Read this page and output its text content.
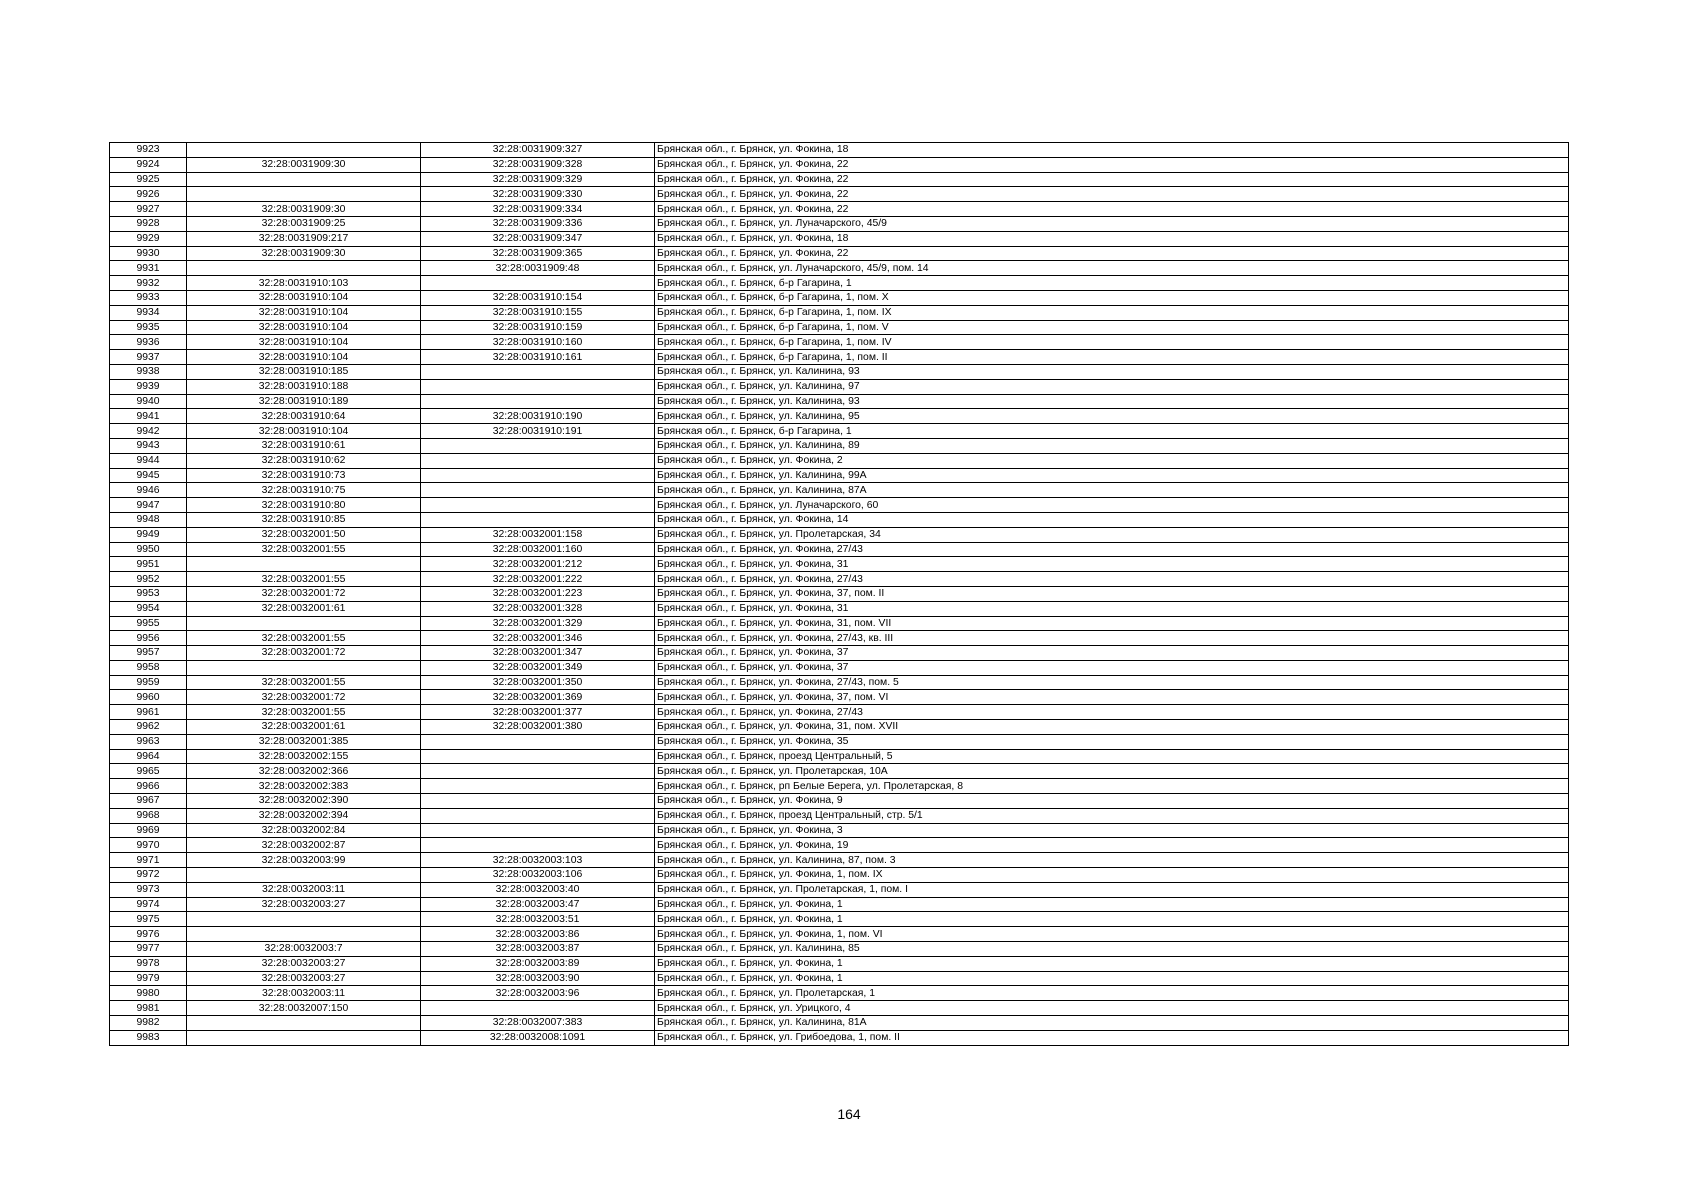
9923		32:28:0031909:327	Брянская обл., г. Брянск, ул. Фокина, 18
9924	32:28:0031909:30	32:28:0031909:328	Брянская обл., г. Брянск, ул. Фокина, 22
9925		32:28:0031909:329	Брянская обл., г. Брянск, ул. Фокина, 22
9926		32:28:0031909:330	Брянская обл., г. Брянск, ул. Фокина, 22
9927	32:28:0031909:30	32:28:0031909:334	Брянская обл., г. Брянск, ул. Фокина, 22
9928	32:28:0031909:25	32:28:0031909:336	Брянская обл., г. Брянск, ул. Луначарского, 45/9
9929	32:28:0031909:217	32:28:0031909:347	Брянская обл., г. Брянск, ул. Фокина, 18
9930	32:28:0031909:30	32:28:0031909:365	Брянская обл., г. Брянск, ул. Фокина, 22
9931		32:28:0031909:48	Брянская обл., г. Брянск, ул. Луначарского, 45/9, пом. 14
9932	32:28:0031910:103		Брянская обл., г. Брянск, б-р Гагарина, 1
9933	32:28:0031910:104	32:28:0031910:154	Брянская обл., г. Брянск, б-р Гагарина, 1, пом. X
9934	32:28:0031910:104	32:28:0031910:155	Брянская обл., г. Брянск, б-р Гагарина, 1, пом. IX
9935	32:28:0031910:104	32:28:0031910:159	Брянская обл., г. Брянск, б-р Гагарина, 1, пом. V
9936	32:28:0031910:104	32:28:0031910:160	Брянская обл., г. Брянск, б-р Гагарина, 1, пом. IV
9937	32:28:0031910:104	32:28:0031910:161	Брянская обл., г. Брянск, б-р Гагарина, 1, пом. II
9938	32:28:0031910:185		Брянская обл., г. Брянск, ул. Калинина, 93
9939	32:28:0031910:188		Брянская обл., г. Брянск, ул. Калинина, 97
9940	32:28:0031910:189		Брянская обл., г. Брянск, ул. Калинина, 93
9941	32:28:0031910:64	32:28:0031910:190	Брянская обл., г. Брянск, ул. Калинина, 95
9942	32:28:0031910:104	32:28:0031910:191	Брянская обл., г. Брянск, б-р Гагарина, 1
9943	32:28:0031910:61		Брянская обл., г. Брянск, ул. Калинина, 89
9944	32:28:0031910:62		Брянская обл., г. Брянск, ул. Фокина, 2
9945	32:28:0031910:73		Брянская обл., г. Брянск, ул. Калинина, 99А
9946	32:28:0031910:75		Брянская обл., г. Брянск, ул. Калинина, 87А
9947	32:28:0031910:80		Брянская обл., г. Брянск, ул. Луначарского, 60
9948	32:28:0031910:85		Брянская обл., г. Брянск, ул. Фокина, 14
9949	32:28:0032001:50	32:28:0032001:158	Брянская обл., г. Брянск, ул. Пролетарская, 34
9950	32:28:0032001:55	32:28:0032001:160	Брянская обл., г. Брянск, ул. Фокина, 27/43
9951		32:28:0032001:212	Брянская обл., г. Брянск, ул. Фокина, 31
9952	32:28:0032001:55	32:28:0032001:222	Брянская обл., г. Брянск, ул. Фокина, 27/43
9953	32:28:0032001:72	32:28:0032001:223	Брянская обл., г. Брянск, ул. Фокина, 37, пом. II
9954	32:28:0032001:61	32:28:0032001:328	Брянская обл., г. Брянск, ул. Фокина, 31
9955		32:28:0032001:329	Брянская обл., г. Брянск, ул. Фокина, 31, пом. VII
9956	32:28:0032001:55	32:28:0032001:346	Брянская обл., г. Брянск, ул. Фокина, 27/43, кв. III
9957	32:28:0032001:72	32:28:0032001:347	Брянская обл., г. Брянск, ул. Фокина, 37
9958		32:28:0032001:349	Брянская обл., г. Брянск, ул. Фокина, 37
9959	32:28:0032001:55	32:28:0032001:350	Брянская обл., г. Брянск, ул. Фокина, 27/43, пом. 5
9960	32:28:0032001:72	32:28:0032001:369	Брянская обл., г. Брянск, ул. Фокина, 37, пом. VI
9961	32:28:0032001:55	32:28:0032001:377	Брянская обл., г. Брянск, ул. Фокина, 27/43
9962	32:28:0032001:61	32:28:0032001:380	Брянская обл., г. Брянск, ул. Фокина, 31, пом. XVII
9963	32:28:0032001:385		Брянская обл., г. Брянск, ул. Фокина, 35
9964	32:28:0032002:155		Брянская обл., г. Брянск, проезд Центральный, 5
9965	32:28:0032002:366		Брянская обл., г. Брянск, ул. Пролетарская, 10А
9966	32:28:0032002:383		Брянская обл., г. Брянск, рп Белые Берега, ул. Пролетарская, 8
9967	32:28:0032002:390		Брянская обл., г. Брянск, ул. Фокина, 9
9968	32:28:0032002:394		Брянская обл., г. Брянск, проезд Центральный, стр. 5/1
9969	32:28:0032002:84		Брянская обл., г. Брянск, ул. Фокина, 3
9970	32:28:0032002:87		Брянская обл., г. Брянск, ул. Фокина, 19
9971	32:28:0032003:99	32:28:0032003:103	Брянская обл., г. Брянск, ул. Калинина, 87, пом. 3
9972		32:28:0032003:106	Брянская обл., г. Брянск, ул. Фокина, 1, пом. IX
9973	32:28:0032003:11	32:28:0032003:40	Брянская обл., г. Брянск, ул. Пролетарская, 1, пом. I
9974	32:28:0032003:27	32:28:0032003:47	Брянская обл., г. Брянск, ул. Фокина, 1
9975		32:28:0032003:51	Брянская обл., г. Брянск, ул. Фокина, 1
9976		32:28:0032003:86	Брянская обл., г. Брянск, ул. Фокина, 1, пом. VI
9977	32:28:0032003:7	32:28:0032003:87	Брянская обл., г. Брянск, ул. Калинина, 85
9978	32:28:0032003:27	32:28:0032003:89	Брянская обл., г. Брянск, ул. Фокина, 1
9979	32:28:0032003:27	32:28:0032003:90	Брянская обл., г. Брянск, ул. Фокина, 1
9980	32:28:0032003:11	32:28:0032003:96	Брянская обл., г. Брянск, ул. Пролетарская, 1
9981	32:28:0032007:150		Брянская обл., г. Брянск, ул. Урицкого, 4
9982		32:28:0032007:383	Брянская обл., г. Брянск, ул. Калинина, 81А
9983		32:28:0032008:1091	Брянская обл., г. Брянск, ул. Грибоедова, 1, пом. II
164
